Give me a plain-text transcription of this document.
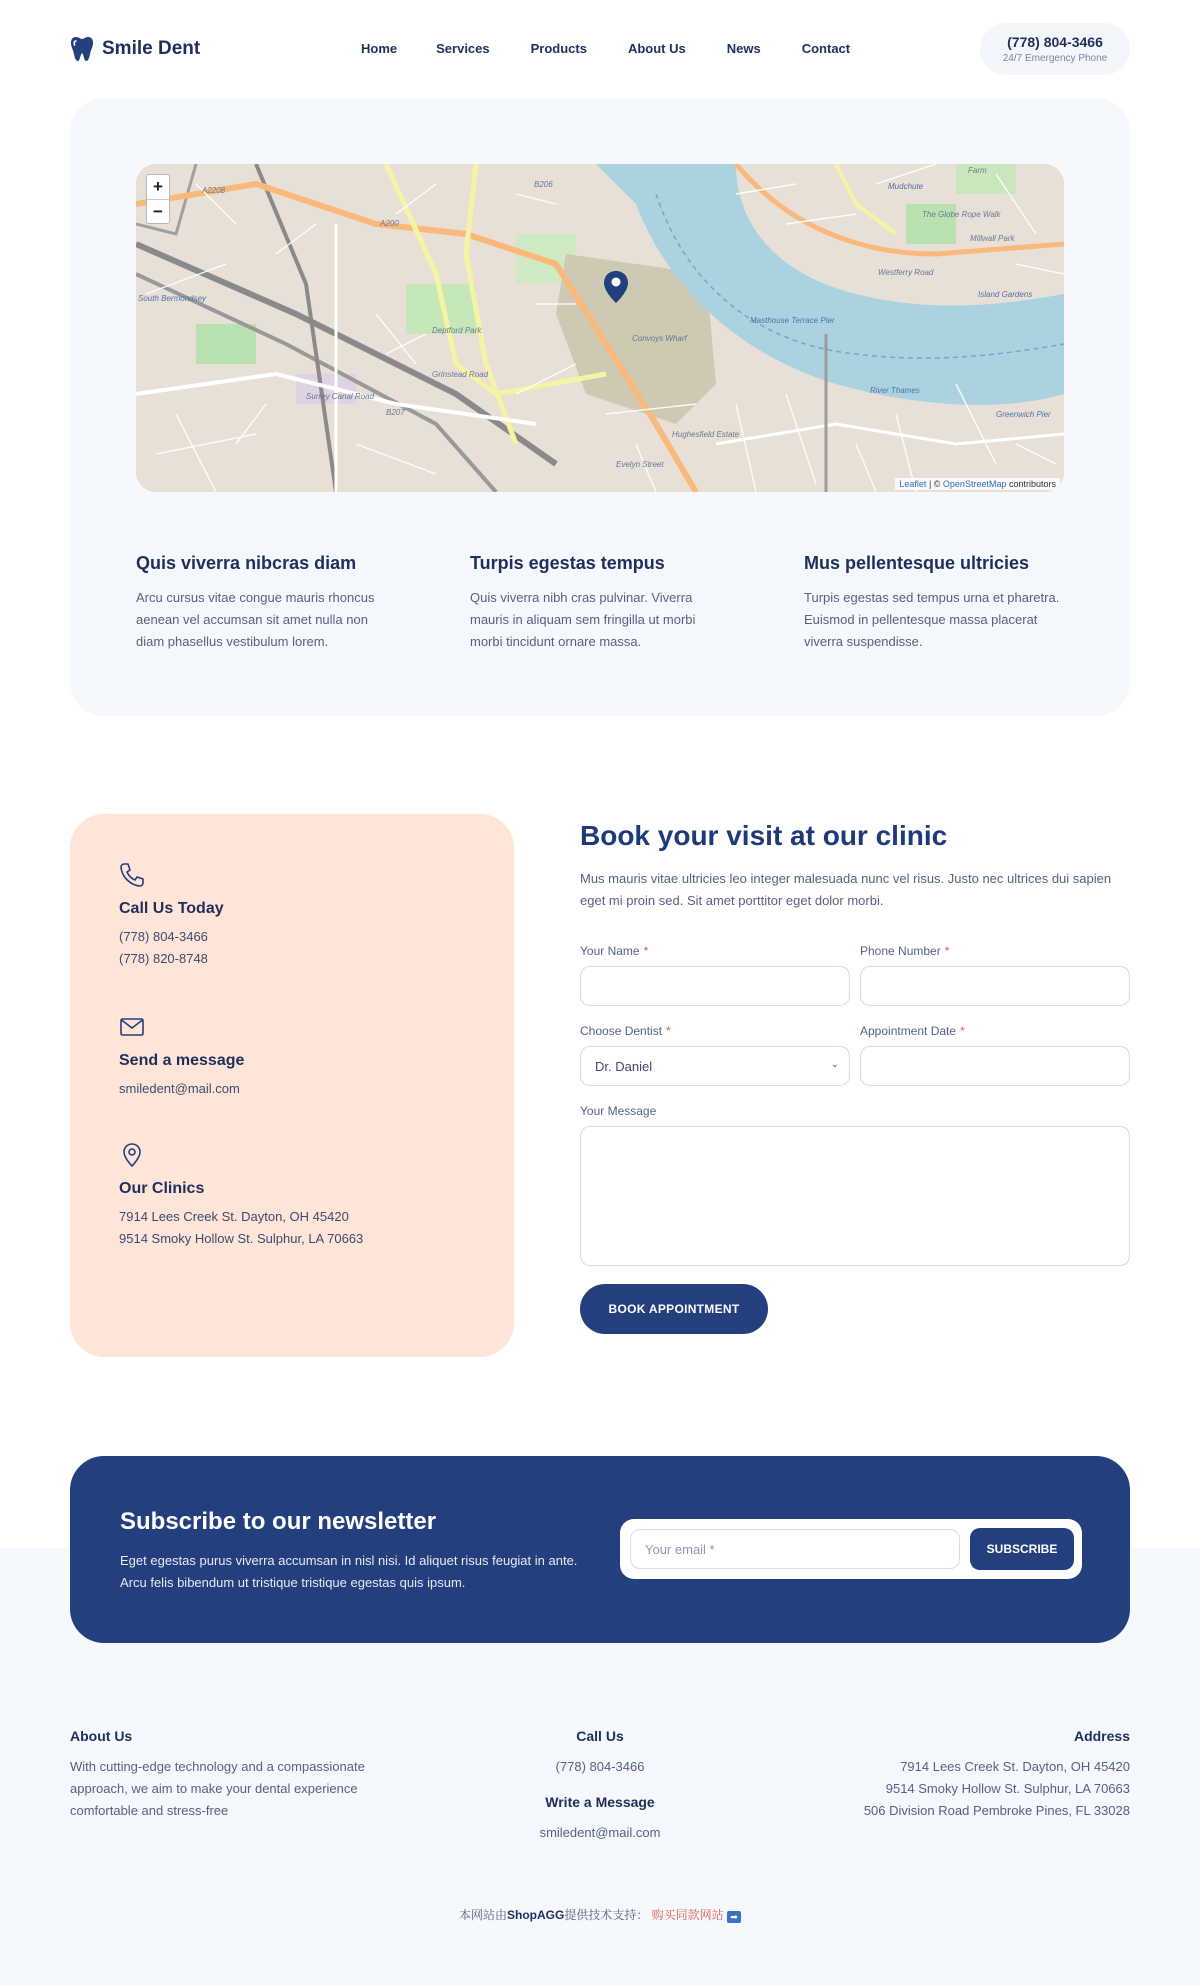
Smile Dent	Home	Services	Products	About Us	News	Contact	(778) 804-3466
24/7 Emergency Phone
+
−
A2208
A200
B206	Mudchute
Island Gardens
Millwall Park
Convoys Wharf
Deptford Park
River Thames
South Bermondsey
Surrey Canal Road
Grinstead Road
B207
Evelyn Street
Hughesfield Estate
Westferry Road
Greenwich Pier
Masthouse Terrace Pier
Farm
The Globe Rope Walk
Leaflet | © OpenStreetMap contributors
Quis viverra nibcras diam

Arcu cursus vitae congue mauris rhoncus aenean vel accumsan sit amet nulla non diam phasellus vestibulum lorem.

Turpis egestas tempus

Quis viverra nibh cras pulvinar. Viverra mauris in aliquam sem fringilla ut morbi morbi tincidunt ornare massa.

Mus pellentesque ultricies

Turpis egestas sed tempus urna et pharetra. Euismod in pellentesque massa placerat viverra suspendisse.

Call Us Today

(778) 804-3466

(778) 820-8748

Send a message

smiledent@mail.com

Our Clinics

7914 Lees Creek St. Dayton, OH 45420

9514 Smoky Hollow St. Sulphur, LA 70663

Book your visit at our clinic

Mus mauris vitae ultricies leo integer malesuada nunc vel risus. Justo nec ultrices dui sapien eget mi proin sed. Sit amet porttitor eget dolor morbi.

Your Name *	Phone Number *
Choose Dentist *
Dr. Daniel	⌄
Appointment Date *
Your Message
BOOK APPOINTMENT
Subscribe to our newsletter

Eget egestas purus viverra accumsan in nisl nisi. Id aliquet risus feugiat in ante. Arcu felis bibendum ut tristique tristique egestas quis ipsum.

Your email *	SUBSCRIBE
About Us

With cutting-edge technology and a compassionate approach, we aim to make your dental experience comfortable and stress-free

Call Us

(778) 804-3466

Write a Message

smiledent@mail.com

Address

7914 Lees Creek St. Dayton, OH 45420

9514 Smoky Hollow St. Sulphur, LA 70663

506 Division Road Pembroke Pines, FL 33028

本网站由ShopAGG提供技术支持： 购买同款网站 ➡
